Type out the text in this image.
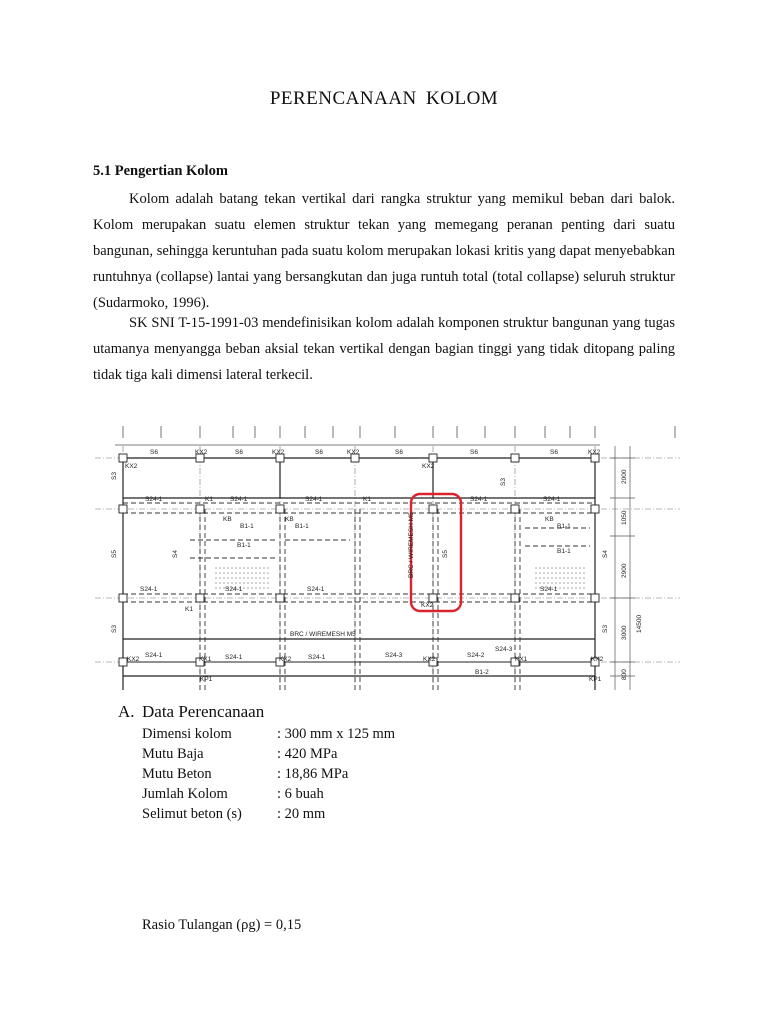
PERENCANAAN KOLOM
5.1 Pengertian Kolom

Kolom adalah batang tekan vertikal dari rangka struktur yang memikul beban dari balok. Kolom merupakan suatu elemen struktur tekan yang memegang peranan penting dari suatu bangunan, sehingga keruntuhan pada suatu kolom merupakan lokasi kritis yang dapat menyebabkan runtuhnya (collapse) lantai yang bersangkutan dan juga runtuh total (total collapse) seluruh struktur (Sudarmoko, 1996).

SK SNI T-15-1991-03 mendefinisikan kolom adalah komponen struktur bangunan yang tugas utamanya menyangga beban aksial tekan vertikal dengan bagian tinggi yang tidak ditopang paling tidak tiga kali dimensi lateral terkecil.

S6	S6	S6	S6	S6	S6
KX2
KX2	KX2	KX2
KX2
KX2
S24-1	S24-1	S24-1	S24-1	S24-1
K1	K1
KB	KB	KB
B1-1	B1-1	B1-1
B1-1
B1-1
S24-1	S24-1	S24-1	S24-1
K1
KX2
BRC / WIREMESH M5
S24-3
S24-1	S24-1	S24-1	S24-3	S24-2
KX2	KX1	KX2	KX2	KX1	KX2
B1-2
KP1	KP1
S3
S5
S3
S4
S3
S5	S4
S3
BRC / WIREMESH M5
2000
1050
2900
3000 14500
800
A. Data Perencanaan
Dimensi kolom	: 300 mm x 125 mm
Mutu Baja	: 420 MPa
Mutu Beton	: 18,86 MPa
Jumlah Kolom	: 6 buah
Selimut beton (s)	: 20 mm
Rasio Tulangan (ρg) = 0,15
